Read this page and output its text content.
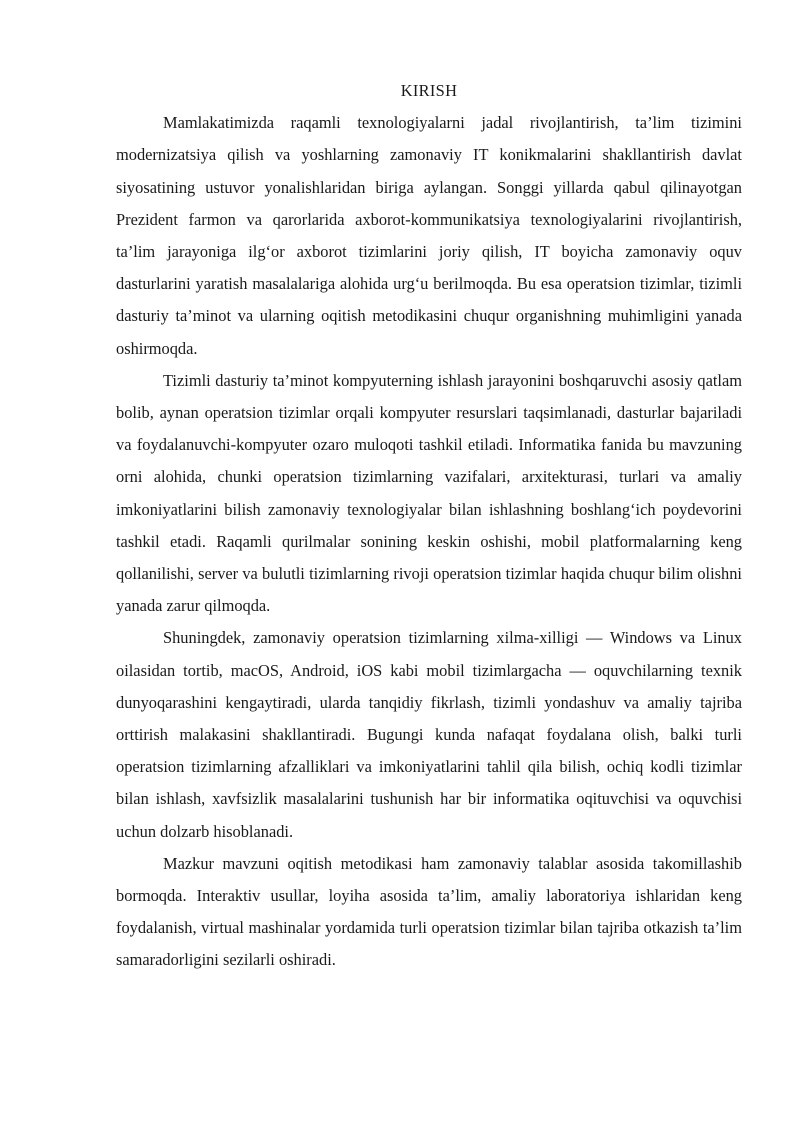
KIRISH

Mamlakatimizda raqamli texnologiyalarni jadal rivojlantirish, ta’lim tizimini modernizatsiya qilish va yoshlarning zamonaviy IT konikmalarini shakllantirish davlat siyosatining ustuvor yonalishlaridan biriga aylangan. Songgi yillarda qabul qilinayotgan Prezident farmon va qarorlarida axborot-kommunikatsiya texnologiyalarini rivojlantirish, ta’lim jarayoniga ilg‘or axborot tizimlarini joriy qilish, IT boyicha zamonaviy oquv dasturlarini yaratish masalalariga alohida urg‘u berilmoqda. Bu esa operatsion tizimlar, tizimli dasturiy ta’minot va ularning oqitish metodikasini chuqur organishning muhimligini yanada oshirmoqda.

Tizimli dasturiy ta’minot kompyuterning ishlash jarayonini boshqaruvchi asosiy qatlam bolib, aynan operatsion tizimlar orqali kompyuter resurslari taqsimlanadi, dasturlar bajariladi va foydalanuvchi-kompyuter ozaro muloqoti tashkil etiladi. Informatika fanida bu mavzuning orni alohida, chunki operatsion tizimlarning vazifalari, arxitekturasi, turlari va amaliy imkoniyatlarini bilish zamonaviy texnologiyalar bilan ishlashning boshlang‘ich poydevorini tashkil etadi. Raqamli qurilmalar sonining keskin oshishi, mobil platformalarning keng qollanilishi, server va bulutli tizimlarning rivoji operatsion tizimlar haqida chuqur bilim olishni yanada zarur qilmoqda.

Shuningdek, zamonaviy operatsion tizimlarning xilma-xilligi — Windows va Linux oilasidan tortib, macOS, Android, iOS kabi mobil tizimlargacha — oquvchilarning texnik dunyoqarashini kengaytiradi, ularda tanqidiy fikrlash, tizimli yondashuv va amaliy tajriba orttirish malakasini shakllantiradi. Bugungi kunda nafaqat foydalana olish, balki turli operatsion tizimlarning afzalliklari va imkoniyatlarini tahlil qila bilish, ochiq kodli tizimlar bilan ishlash, xavfsizlik masalalarini tushunish har bir informatika oqituvchisi va oquvchisi uchun dolzarb hisoblanadi.

Mazkur mavzuni oqitish metodikasi ham zamonaviy talablar asosida takomillashib bormoqda. Interaktiv usullar, loyiha asosida ta’lim, amaliy laboratoriya ishlaridan keng foydalanish, virtual mashinalar yordamida turli operatsion tizimlar bilan tajriba otkazish ta’lim samaradorligini sezilarli oshiradi.
